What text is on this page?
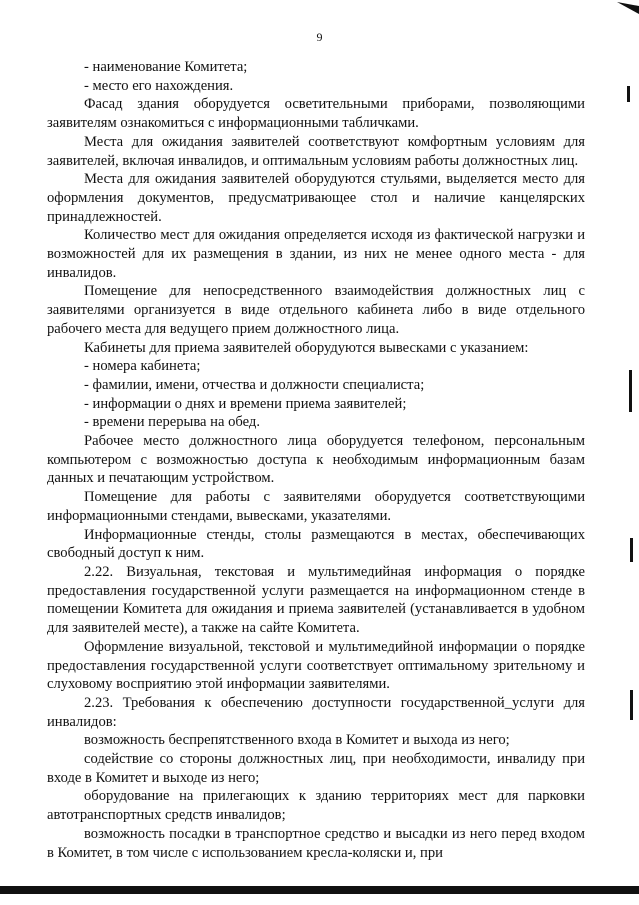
9

- наименование Комитета;

- место его нахождения.

Фасад здания оборудуется осветительными приборами, позволяющими заявителям ознакомиться с информационными табличками.

Места для ожидания заявителей соответствуют комфортным условиям для заявителей, включая инвалидов, и оптимальным условиям работы должностных лиц.

Места для ожидания заявителей оборудуются стульями, выделяется место для оформления документов, предусматривающее стол и наличие канцелярских принадлежностей.

Количество мест для ожидания определяется исходя из фактической нагрузки и возможностей для их размещения в здании, из них не менее одного места - для инвалидов.

Помещение для непосредственного взаимодействия должностных лиц с заявителями организуется в виде отдельного кабинета либо в виде отдельного рабочего места для ведущего прием должностного лица.

Кабинеты для приема заявителей оборудуются вывесками с указанием:

- номера кабинета;

- фамилии, имени, отчества и должности специалиста;

- информации о днях и времени приема заявителей;

- времени перерыва на обед.

Рабочее место должностного лица оборудуется телефоном, персональным компьютером с возможностью доступа к необходимым информационным базам данных и печатающим устройством.

Помещение для работы с заявителями оборудуется соответствующими информационными стендами, вывесками, указателями.

Информационные стенды, столы размещаются в местах, обеспечивающих свободный доступ к ним.

2.22. Визуальная, текстовая и мультимедийная информация о порядке предоставления государственной услуги размещается на информационном стенде в помещении Комитета для ожидания и приема заявителей (устанавливается в удобном для заявителей месте), а также на сайте Комитета.

Оформление визуальной, текстовой и мультимедийной информации о порядке предоставления государственной услуги соответствует оптимальному зрительному и слуховому восприятию этой информации заявителями.

2.23. Требования к обеспечению доступности государственной_услуги для инвалидов:

возможность беспрепятственного входа в Комитет и выхода из него;

содействие со стороны должностных лиц, при необходимости, инвалиду при входе в Комитет и выходе из него;

оборудование на прилегающих к зданию территориях мест для парковки автотранспортных средств инвалидов;

возможность посадки в транспортное средство и высадки из него перед входом в Комитет, в том числе с использованием кресла-коляски и, при
